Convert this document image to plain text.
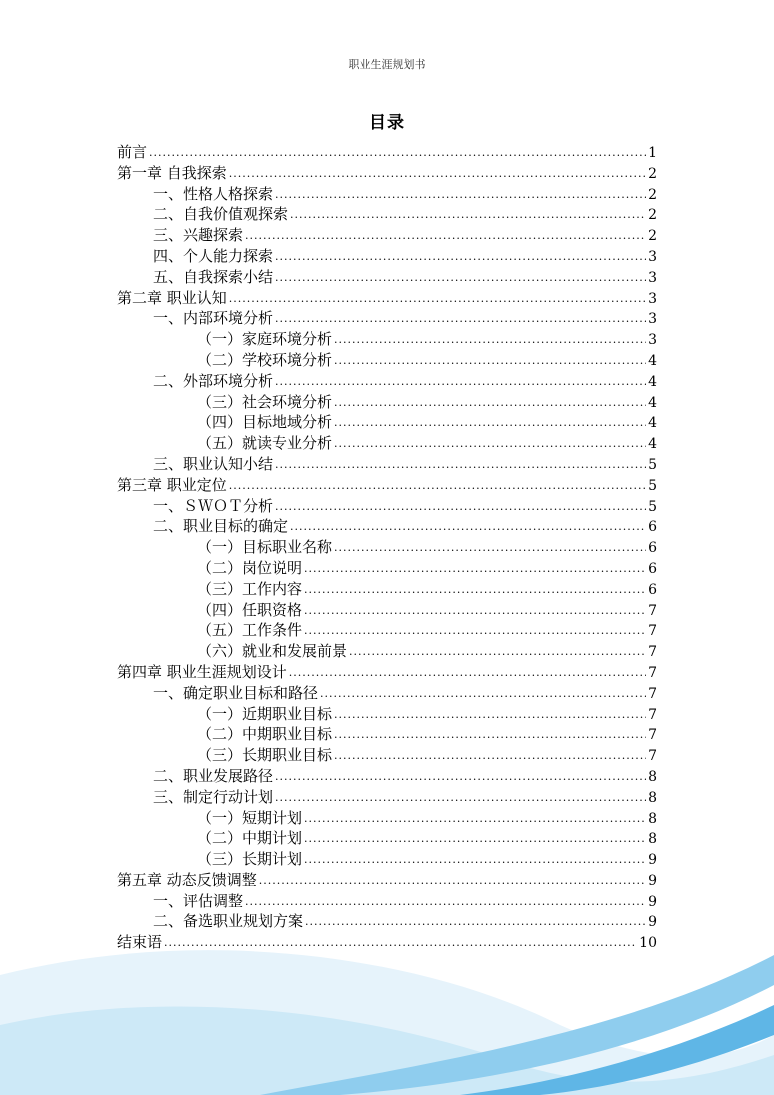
职业生涯规划书
目录
前言 .....	1
第一章 自我探索 .....	2
一、性格人格探索 .....	2
二、自我价值观探索 .....	2
三、兴趣探索 .....	2
四、个人能力探索 .....	3
五、自我探索小结 .....	3
第二章 职业认知 .....	3
一、内部环境分析 .....	3
（一）家庭环境分析 .....	3
（二）学校环境分析 .....	4
二、外部环境分析 .....	4
（三）社会环境分析 .....	4
（四）目标地域分析 .....	4
（五）就读专业分析 .....	4
三、职业认知小结 .....	5
第三章 职业定位 .....	5
一、ＳＷＯＴ分析 .....	5
二、职业目标的确定 .....	6
（一）目标职业名称 .....	6
（二）岗位说明 .....	6
（三）工作内容 .....	6
（四）任职资格 .....	7
（五）工作条件 .....	7
（六）就业和发展前景 .....	7
第四章 职业生涯规划设计 .....	7
一、确定职业目标和路径 .....	7
（一）近期职业目标 .....	7
（二）中期职业目标 .....	7
（三）长期职业目标 .....	7
二、职业发展路径 .....	8
三、制定行动计划 .....	8
（一）短期计划 .....	8
（二）中期计划 .....	8
（三）长期计划 .....	9
第五章 动态反馈调整 .....	9
一、评估调整 .....	9
二、备选职业规划方案 .....	9
结束语 .....	10
